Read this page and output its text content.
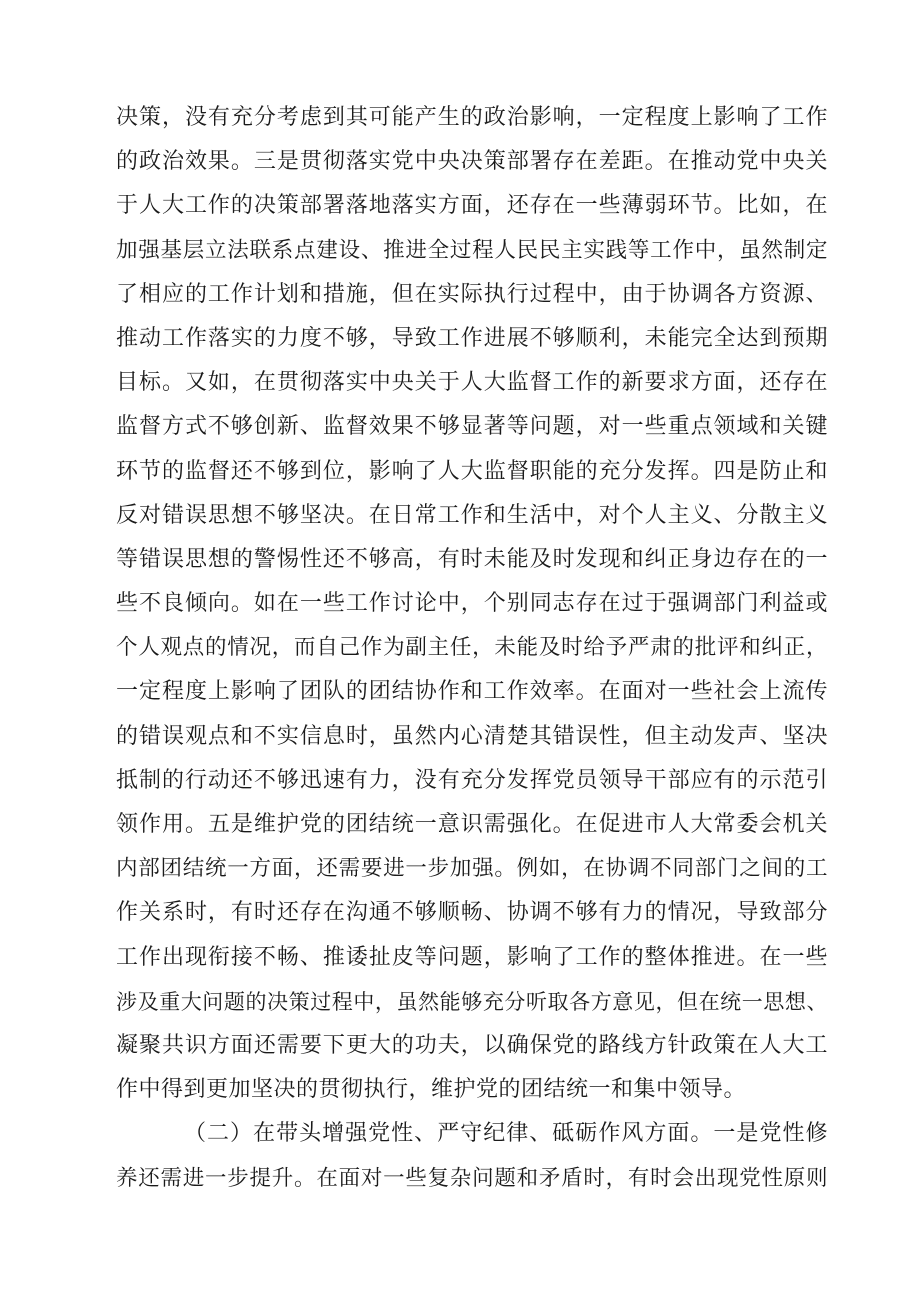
决策，没有充分考虑到其可能产生的政治影响，一定程度上影响了工作
的政治效果。三是贯彻落实党中央决策部署存在差距。在推动党中央关
于人大工作的决策部署落地落实方面，还存在一些薄弱环节。比如，在
加强基层立法联系点建设、推进全过程人民民主实践等工作中，虽然制定
了相应的工作计划和措施，但在实际执行过程中，由于协调各方资源、
推动工作落实的力度不够，导致工作进展不够顺利，未能完全达到预期
目标。又如，在贯彻落实中央关于人大监督工作的新要求方面，还存在
监督方式不够创新、监督效果不够显著等问题，对一些重点领域和关键
环节的监督还不够到位，影响了人大监督职能的充分发挥。四是防止和
反对错误思想不够坚决。在日常工作和生活中，对个人主义、分散主义
等错误思想的警惕性还不够高，有时未能及时发现和纠正身边存在的一
些不良倾向。如在一些工作讨论中，个别同志存在过于强调部门利益或
个人观点的情况，而自己作为副主任，未能及时给予严肃的批评和纠正，
一定程度上影响了团队的团结协作和工作效率。在面对一些社会上流传
的错误观点和不实信息时，虽然内心清楚其错误性，但主动发声、坚决
抵制的行动还不够迅速有力，没有充分发挥党员领导干部应有的示范引
领作用。五是维护党的团结统一意识需强化。在促进市人大常委会机关
内部团结统一方面，还需要进一步加强。例如，在协调不同部门之间的工
作关系时，有时还存在沟通不够顺畅、协调不够有力的情况，导致部分
工作出现衔接不畅、推诿扯皮等问题，影响了工作的整体推进。在一些
涉及重大问题的决策过程中，虽然能够充分听取各方意见，但在统一思想、
凝聚共识方面还需要下更大的功夫，以确保党的路线方针政策在人大工
作中得到更加坚决的贯彻执行，维护党的团结统一和集中领导。
（二）在带头增强党性、严守纪律、砥砺作风方面。一是党性修
养还需进一步提升。在面对一些复杂问题和矛盾时，有时会出现党性原则
